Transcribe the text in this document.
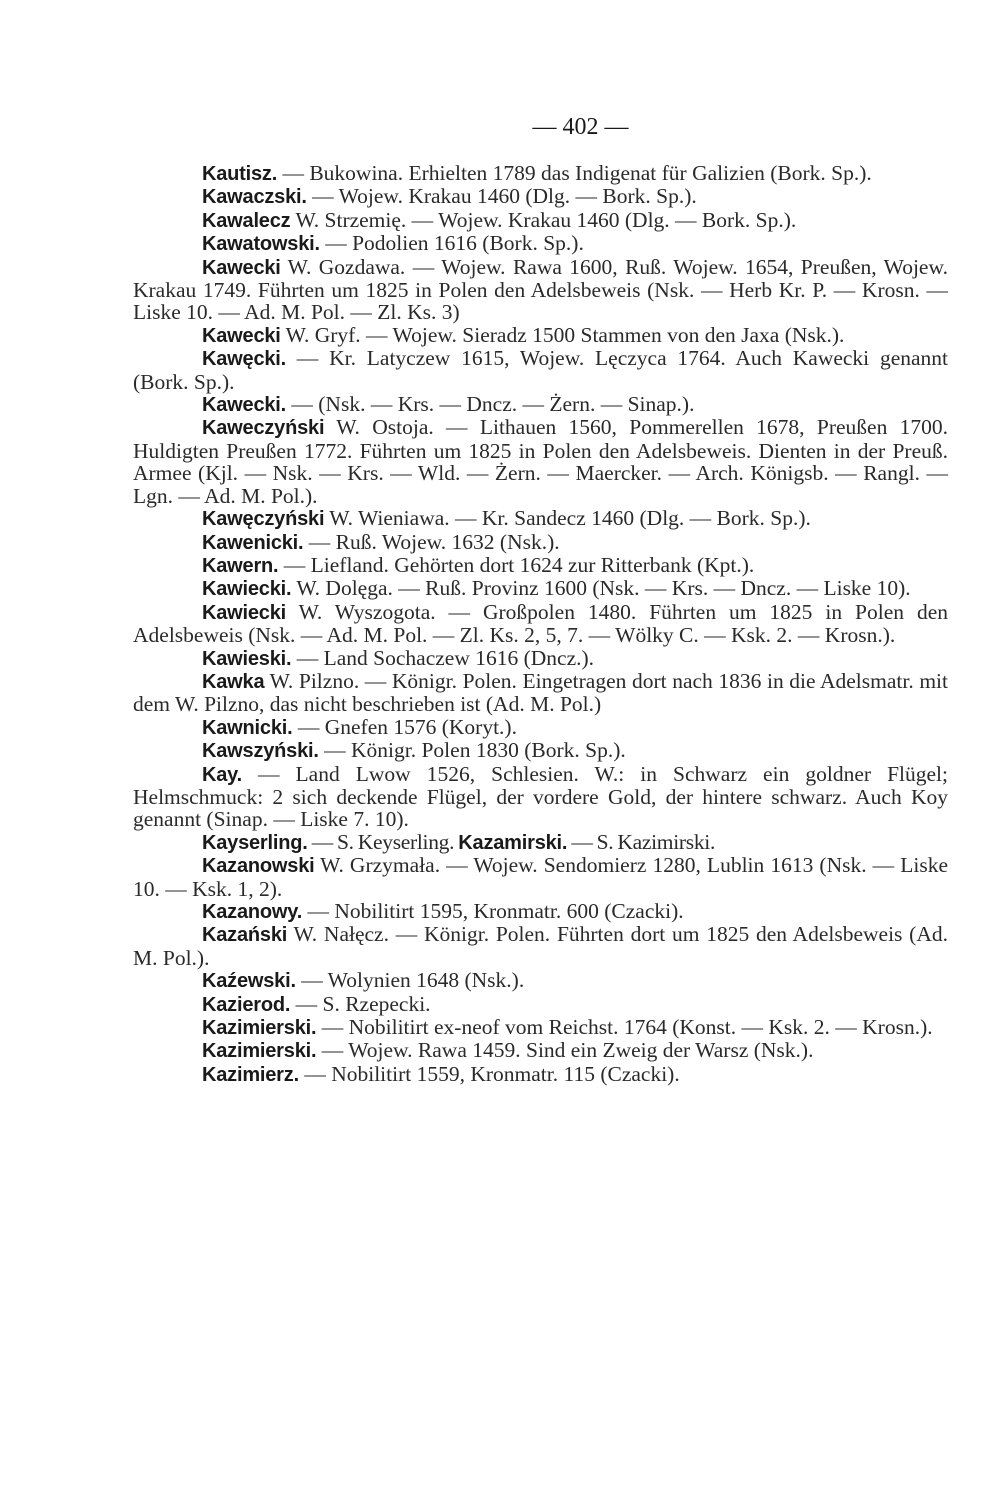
— 402 —

Kautisz. — Bukowina. Erhielten 1789 das Indigenat für Galizien (Bork. Sp.).

Kawaczski. — Wojew. Krakau 1460 (Dlg. — Bork. Sp.).

Kawalecz W. Strzemię. — Wojew. Krakau 1460 (Dlg. — Bork. Sp.).

Kawatowski. — Podolien 1616 (Bork. Sp.).

Kawecki W. Gozdawa. — Wojew. Rawa 1600, Ruß. Wojew. 1654, Preußen, Wojew. Krakau 1749. Führten um 1825 in Polen den Adelsbeweis (Nsk. — Herb Kr. P. — Krosn. — Liske 10. — Ad. M. Pol. — Zl. Ks. 3)

Kawecki W. Gryf. — Wojew. Sieradz 1500 Stammen von den Jaxa (Nsk.).

Kawęcki. — Kr. Latyczew 1615, Wojew. Lęczyca 1764. Auch Kawecki genannt (Bork. Sp.).

Kawecki. — (Nsk. — Krs. — Dncz. — Żern. — Sinap.).

Kaweczyński W. Ostoja. — Lithauen 1560, Pommerellen 1678, Preußen 1700. Huldigten Preußen 1772. Führten um 1825 in Polen den Adelsbeweis. Dienten in der Preuß. Armee (Kjl. — Nsk. — Krs. — Wld. — Żern. — Maercker. — Arch. Königsb. — Rangl. — Lgn. — Ad. M. Pol.).

Kawęczyński W. Wieniawa. — Kr. Sandecz 1460 (Dlg. — Bork. Sp.).

Kawenicki. — Ruß. Wojew. 1632 (Nsk.).

Kawern. — Liefland. Gehörten dort 1624 zur Ritterbank (Kpt.).

Kawiecki. W. Dolęga. — Ruß. Provinz 1600 (Nsk. — Krs. — Dncz. — Liske 10).

Kawiecki W. Wyszogota. — Großpolen 1480. Führten um 1825 in Polen den Adelsbeweis (Nsk. — Ad. M. Pol. — Zl. Ks. 2, 5, 7. — Wölky C. — Ksk. 2. — Krosn.).

Kawieski. — Land Sochaczew 1616 (Dncz.).

Kawka W. Pilzno. — Königr. Polen. Eingetragen dort nach 1836 in die Adelsmatr. mit dem W. Pilzno, das nicht beschrieben ist (Ad. M. Pol.)

Kawnicki. — Gnefen 1576 (Koryt.).

Kawszyński. — Königr. Polen 1830 (Bork. Sp.).

Kay. — Land Lwow 1526, Schlesien. W.: in Schwarz ein goldner Flügel; Helmschmuck: 2 sich deckende Flügel, der vordere Gold, der hintere schwarz. Auch Koy genannt (Sinap. — Liske 7. 10).

Kayserling. — S. Keyserling. Kazamirski. — S. Kazimirski.

Kazanowski W. Grzymała. — Wojew. Sendomierz 1280, Lublin 1613 (Nsk. — Liske 10. — Ksk. 1, 2).

Kazanowy. — Nobilitirt 1595, Kronmatr. 600 (Czacki).

Kazański W. Nałęcz. — Königr. Polen. Führten dort um 1825 den Adelsbeweis (Ad. M. Pol.).

Kaźewski. — Wolynien 1648 (Nsk.).

Kazierod. — S. Rzepecki.

Kazimierski. — Nobilitirt ex-neof vom Reichst. 1764 (Konst. — Ksk. 2. — Krosn.).

Kazimierski. — Wojew. Rawa 1459. Sind ein Zweig der Warsz (Nsk.).

Kazimierz. — Nobilitirt 1559, Kronmatr. 115 (Czacki).
